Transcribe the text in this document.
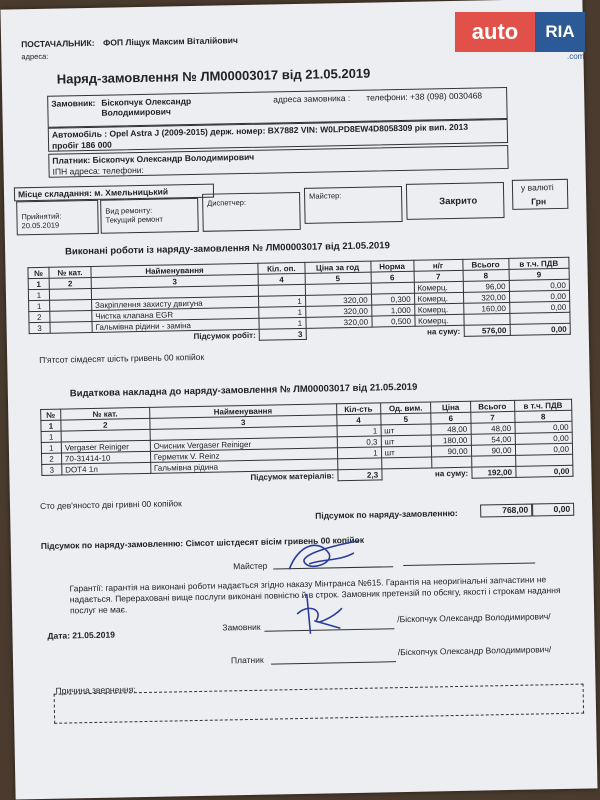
ПОСТАЧАЛЬНИК: ФОП Ліщук Максим Віталійович
адреса:
Наряд-замовлення № ЛМ00003017 від 21.05.2019
Замовник: Біскопчук Олександр Володимирович
адреса замовника : телефони: +38 (098) 0030468
Автомобіль : Opel Astra J (2009-2015) держ. номер: BX7882 VIN: W0LPD8EW4D8058309 рік вип. 2013
пробіг 186 000
Платник: Біскопчук Олександр Володимирович
ІПН адреса: телефони:
Місце складання: м. Хмельницький
Прийнятий:
20.05.2019
Вид ремонту:
Текущий ремонт
Диспетчер:
Майстер:	Закрито
у валюті
Грн
Виконані роботи із наряду-замовлення № ЛМ00003017 від 21.05.2019
№	№ кат.	Найменування	Кіл. оп.	Ціна за год	Норма	н/г	Всього	в т.ч. ПДВ
1	2	3	4	5	6	7	8	9
1						Комерц.	96,00	0,00
1		Закріплення захисту двигуна	1	320,00	0,300	Комерц.	320,00	0,00
2		Чистка клапана EGR	1	320,00	1,000	Комерц.	160,00	0,00
3		Гальмівна рідини - заміна	1	320,00	0,500	Комерц.		
Підсумок робіт:			3	на суму:			576,00	0,00
П'ятсот сімдесят шість гривень 00 копійок
Видаткова накладна до наряду-замовлення № ЛМ00003017 від 21.05.2019
№	№ кат.	Найменування	Кіл-сть	Од. вим.	Ціна	Всього	в т.ч. ПДВ
1	2	3	4	5	6	7	8
1			1	шт	48,00	48,00	0,00
1	Vergaser Reiniger	Очисник Vergaser Reiniger	0,3	шт	180,00	54,00	0,00
2	70-31414-10	Герметик V. Reinz	1	шт	90,00	90,00	0,00
3	DOT4 1л	Гальмівна рідина					
Підсумок матеріалів:			2,3	на суму:		192,00	0,00
Сто дев'яносто дві гривні 00 копійок
Підсумок по наряду-замовленню:	768,00	0,00
Підсумок по наряду-замовленню: Сімсот шістдесят вісім гривень 00 копійок
Майстер
Гарантії: гарантія на виконані роботи надається згідно наказу Мінтранса №615. Гарантія на неоригінальні запчастини не надається. Перераховані вище послуги виконані повністю й в строк. Замовник претензій по обсягу, якості і строкам надання послуг не має.
Дата: 21.05.2019
Замовник
/Біскопчук Олександр Володимирович/
Платник
/Біскопчук Олександр Володимирович/
Причина звернення:
auto	RIA
.com
